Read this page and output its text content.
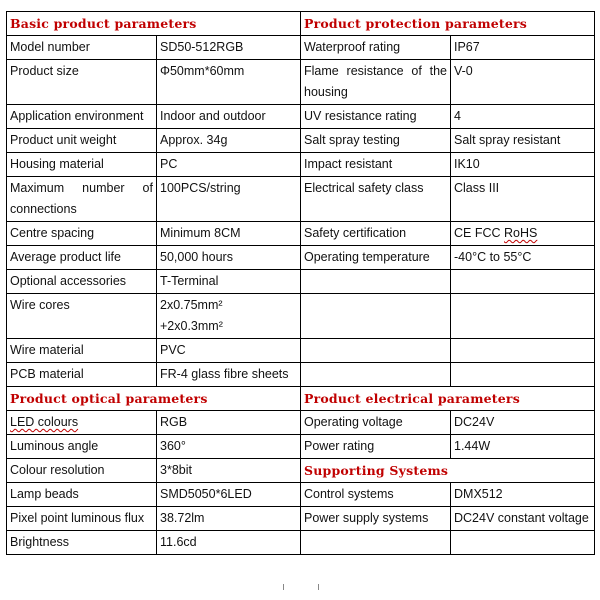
Basic product parameters		Product protection parameters	
Model number	SD50-512RGB	Waterproof rating	IP67
Product size	Φ50mm*60mm	Flame resistance of the housing	V-0
Application environment	Indoor and outdoor	UV resistance rating	4
Product unit weight	Approx. 34g	Salt spray testing	Salt spray resistant
Housing material	PC	Impact resistant	IK10
Maximum number of connections	100PCS/string	Electrical safety class	Class III
Centre spacing	Minimum 8CM	Safety certification	CE FCC RoHS
Average product life	50,000 hours	Operating temperature	-40°C to 55°C
Optional accessories	T-Terminal		
Wire cores	2x0.75mm²
+2x0.3mm²		

Wire material	PVC		
PCB material	FR-4 glass fibre sheets		
Product optical parameters		Product electrical parameters	
LED colours	RGB	Operating voltage	DC24V
Luminous angle	360°	Power rating	1.44W
Colour resolution	3*8bit	Supporting Systems	
Lamp beads	SMD5050*6LED	Control systems	DMX512
Pixel point luminous flux	38.72lm	Power supply systems	DC24V constant voltage
Brightness	11.6cd		
